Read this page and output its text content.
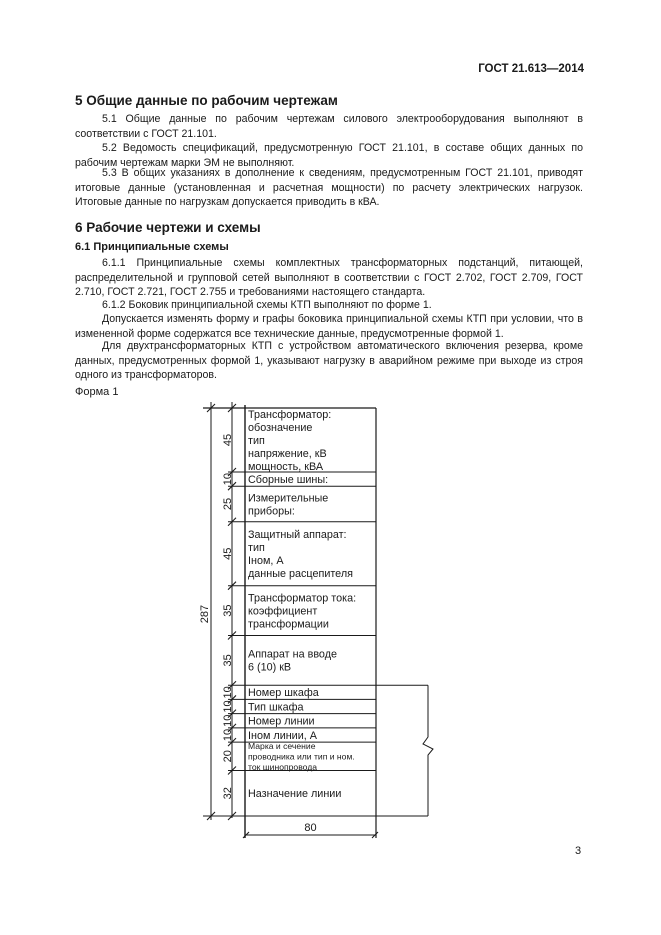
ГОСТ 21.613—2014
5 Общие данные по рабочим чертежам
5.1 Общие данные по рабочим чертежам силового электрооборудования выполняют в соответствии с ГОСТ 21.101.
5.2 Ведомость спецификаций, предусмотренную ГОСТ 21.101, в составе общих данных по рабочим чертежам марки ЭМ не выполняют.
5.3 В общих указаниях в дополнение к сведениям, предусмотренным ГОСТ 21.101, приводят итоговые данные (установленная и расчетная мощности) по расчету электрических нагрузок. Итоговые данные по нагрузкам допускается приводить в кВА.
6 Рабочие чертежи и схемы
6.1 Принципиальные схемы
6.1.1 Принципиальные схемы комплектных трансформаторных подстанций, питающей, распределительной и групповой сетей выполняют в соответствии с ГОСТ 2.702, ГОСТ 2.709, ГОСТ 2.710, ГОСТ 2.721, ГОСТ 2.755 и требованиями настоящего стандарта.
6.1.2 Боковик принципиальной схемы КТП выполняют по форме 1.
Допускается изменять форму и графы боковика принципиальной схемы КТП при условии, что в измененной форме содержатся все технические данные, предусмотренные формой 1.
Для двухтрансформаторных КТП с устройством автоматического включения резерва, кроме данных, предусмотренных формой 1, указывают нагрузку в аварийном режиме при выходе из строя одного из трансформаторов.
Форма 1
45
10
25
45
35
35
10
10
10
10
20
32
287
Трансформатор:
обозначение
тип
напряжение, кВ
мощность, кВА
Сборные шины:
Измерительные
приборы:
Защитный аппарат:
тип
Iном, А
данные расцепителя
Трансформатор тока:
коэффициент
трансформации
Аппарат на вводе
6 (10) кВ
Номер шкафа
Тип шкафа
Номер линии
Iном линии, А
Марка и сечение
проводника или тип и ном.
ток шинопровода
Назначение линии
80
3
